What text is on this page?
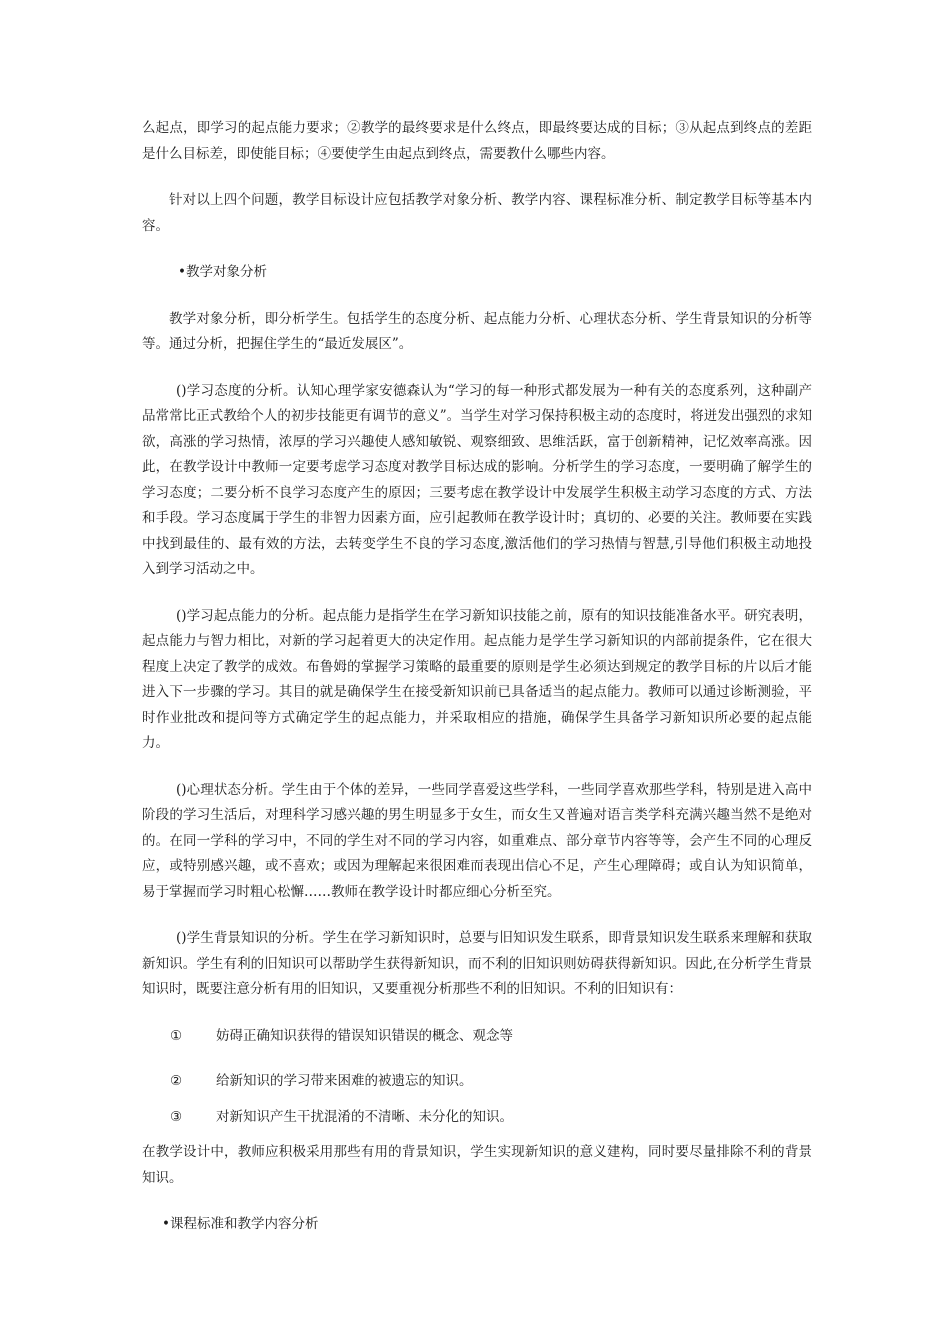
么起点，即学习的起点能力要求；②教学的最终要求是什么终点，即最终要达成的目标；③从起点到终点的差距是什么目标差，即使能目标；④要使学生由起点到终点，需要教什么哪些内容。

针对以上四个问题，教学目标设计应包括教学对象分析、教学内容、课程标准分析、制定教学目标等基本内容。

•教学对象分析

教学对象分析，即分析学生。包括学生的态度分析、起点能力分析、心理状态分析、学生背景知识的分析等等。通过分析，把握住学生的“最近发展区”。

()学习态度的分析。认知心理学家安德森认为“学习的每一种形式都发展为一种有关的态度系列，这种副产品常常比正式教给个人的初步技能更有调节的意义”。当学生对学习保持积极主动的态度时，将迸发出强烈的求知欲，高涨的学习热情，浓厚的学习兴趣使人感知敏锐、观察细致、思维活跃，富于创新精神，记忆效率高涨。因此，在教学设计中教师一定要考虑学习态度对教学目标达成的影响。分析学生的学习态度，一要明确了解学生的学习态度；二要分析不良学习态度产生的原因；三要考虑在教学设计中发展学生积极主动学习态度的方式、方法和手段。学习态度属于学生的非智力因素方面，应引起教师在教学设计时；真切的、必要的关注。教师要在实践中找到最佳的、最有效的方法，去转变学生不良的学习态度,激活他们的学习热情与智慧,引导他们积极主动地投入到学习活动之中。

()学习起点能力的分析。起点能力是指学生在学习新知识技能之前，原有的知识技能准备水平。研究表明，起点能力与智力相比，对新的学习起着更大的决定作用。起点能力是学生学习新知识的内部前提条件，它在很大程度上决定了教学的成效。布鲁姆的掌握学习策略的最重要的原则是学生必须达到规定的教学目标的片以后才能进入下一步骤的学习。其目的就是确保学生在接受新知识前已具备适当的起点能力。教师可以通过诊断测验，平时作业批改和提问等方式确定学生的起点能力，并采取相应的措施，确保学生具备学习新知识所必要的起点能力。

()心理状态分析。学生由于个体的差异，一些同学喜爱这些学科，一些同学喜欢那些学科，特别是进入高中阶段的学习生活后，对理科学习感兴趣的男生明显多于女生，而女生又普遍对语言类学科充满兴趣当然不是绝对的。在同一学科的学习中，不同的学生对不同的学习内容，如重难点、部分章节内容等等，会产生不同的心理反应，或特别感兴趣，或不喜欢；或因为理解起来很困难而表现出信心不足，产生心理障碍；或自认为知识简单，易于掌握而学习时粗心松懈……教师在教学设计时都应细心分析至究。

()学生背景知识的分析。学生在学习新知识时，总要与旧知识发生联系，即背景知识发生联系来理解和获取新知识。学生有利的旧知识可以帮助学生获得新知识，而不利的旧知识则妨碍获得新知识。因此,在分析学生背景知识时，既要注意分析有用的旧知识，又要重视分析那些不利的旧知识。不利的旧知识有：

①	妨碍正确知识获得的错误知识错误的概念、观念等
②	给新知识的学习带来困难的被遗忘的知识。
③	对新知识产生干扰混淆的不清晰、未分化的知识。

在教学设计中，教师应积极采用那些有用的背景知识，学生实现新知识的意义建构，同时要尽量排除不利的背景知识。

•课程标准和教学内容分析
